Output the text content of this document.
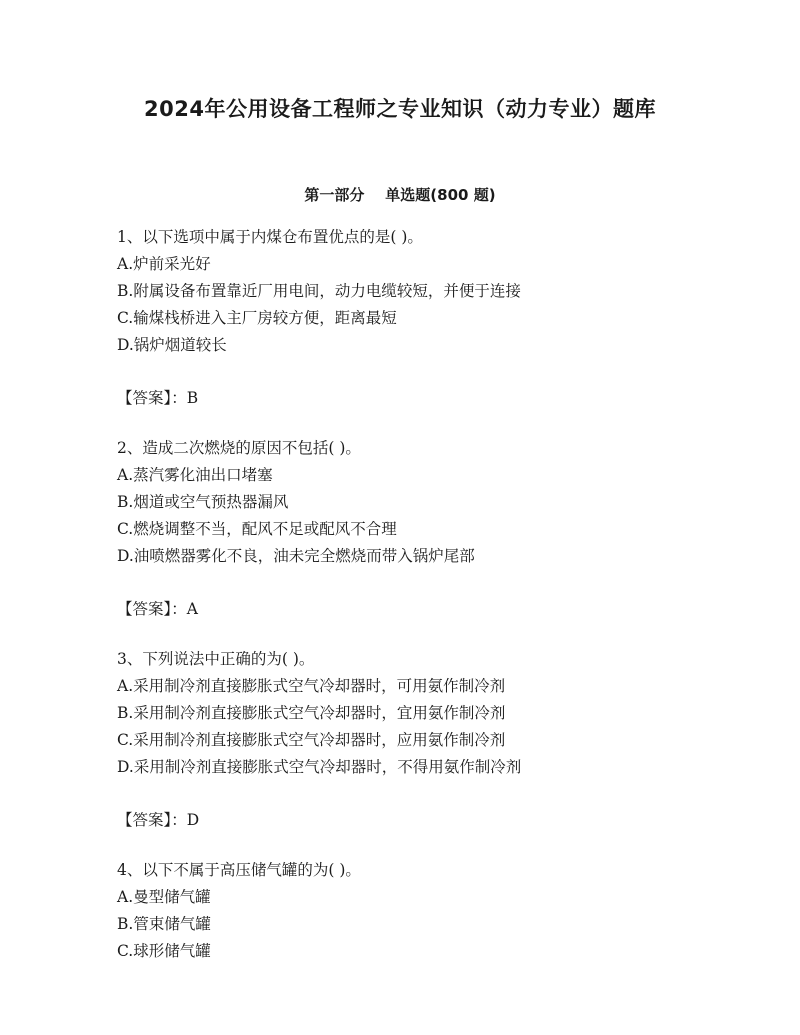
2024年公用设备工程师之专业知识（动力专业）题库
第一部分    单选题(800 题)
1、以下选项中属于内煤仓布置优点的是( )。
A.炉前采光好
B.附属设备布置靠近厂用电间，动力电缆较短，并便于连接
C.输煤栈桥进入主厂房较方便，距离最短
D.锅炉烟道较长
【答案】：B
2、造成二次燃烧的原因不包括( )。
A.蒸汽雾化油出口堵塞
B.烟道或空气预热器漏风
C.燃烧调整不当，配风不足或配风不合理
D.油喷燃器雾化不良，油未完全燃烧而带入锅炉尾部
【答案】：A
3、下列说法中正确的为( )。
A.采用制冷剂直接膨胀式空气冷却器时，可用氨作制冷剂
B.采用制冷剂直接膨胀式空气冷却器时，宜用氨作制冷剂
C.采用制冷剂直接膨胀式空气冷却器时，应用氨作制冷剂
D.采用制冷剂直接膨胀式空气冷却器时，不得用氨作制冷剂
【答案】：D
4、以下不属于高压储气罐的为( )。
A.曼型储气罐
B.管束储气罐
C.球形储气罐
